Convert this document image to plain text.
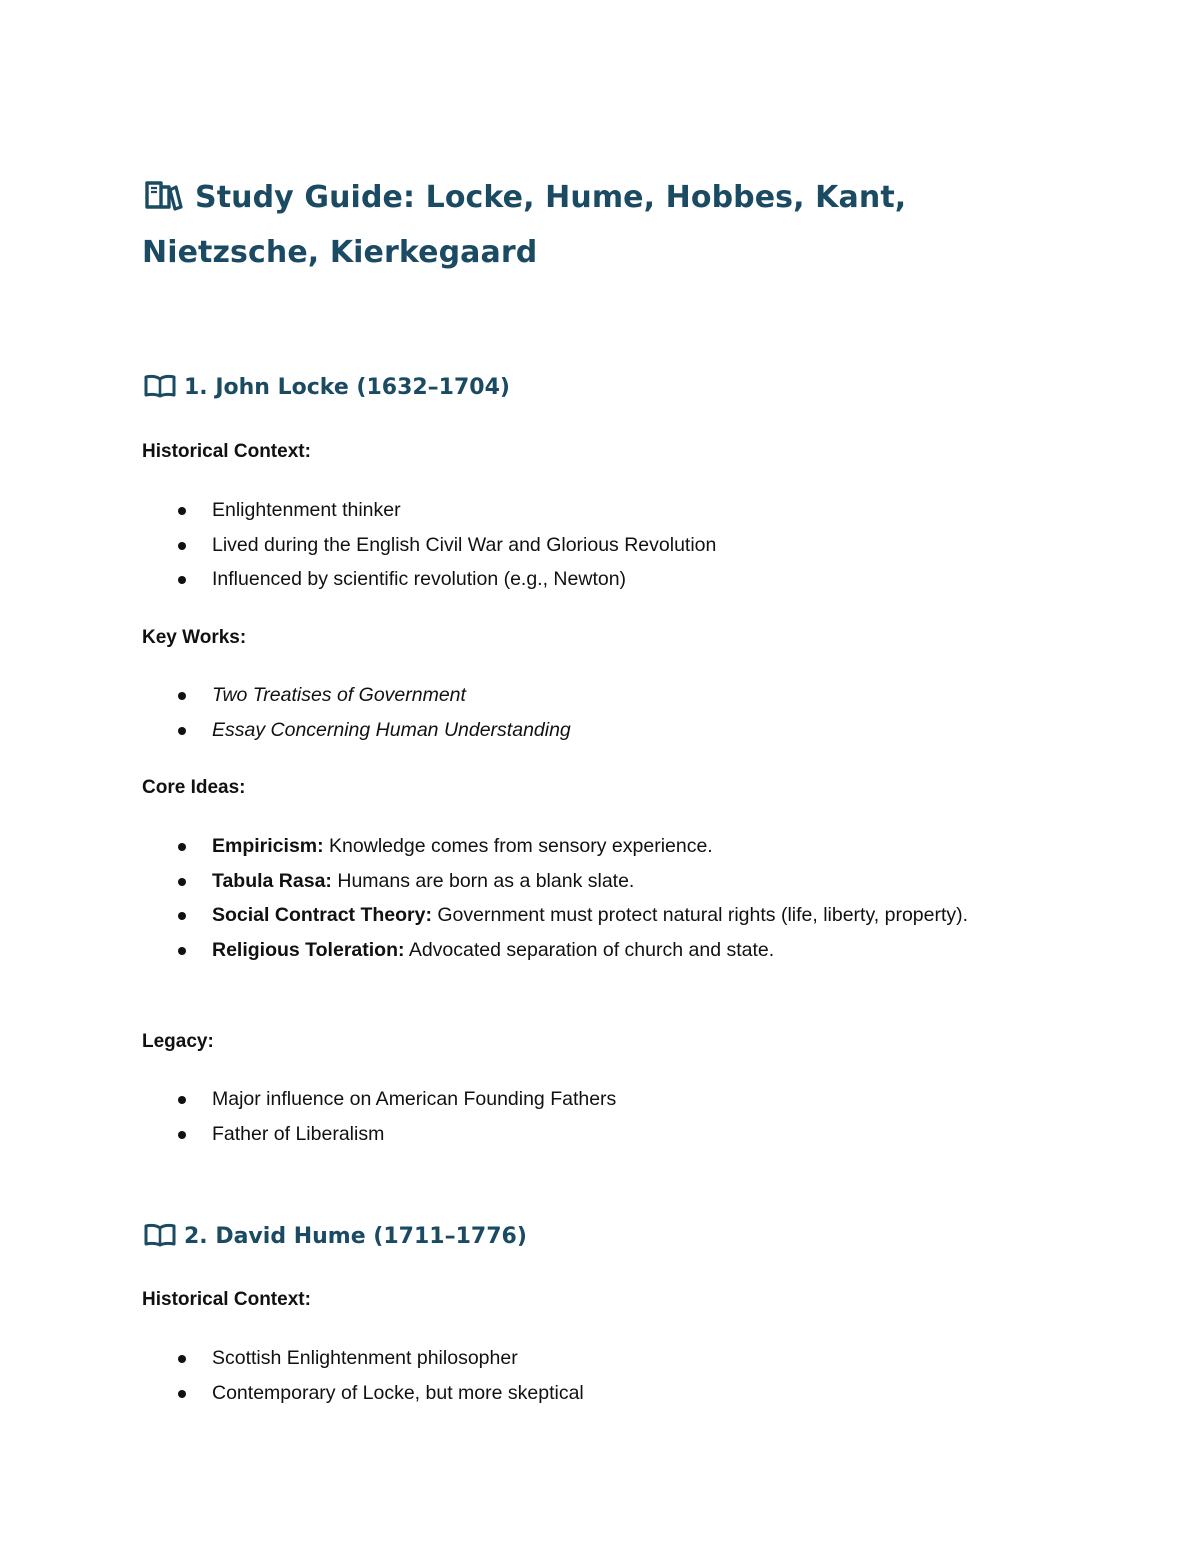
Study Guide: Locke, Hume, Hobbes, Kant, Nietzsche, Kierkegaard
1. John Locke (1632–1704)

Historical Context:

Enlightenment thinker
Lived during the English Civil War and Glorious Revolution
Influenced by scientific revolution (e.g., Newton)

Key Works:

Two Treatises of Government
Essay Concerning Human Understanding

Core Ideas:

Empiricism: Knowledge comes from sensory experience.
Tabula Rasa: Humans are born as a blank slate.
Social Contract Theory: Government must protect natural rights (life, liberty, property).
Religious Toleration: Advocated separation of church and state.

Legacy:

Major influence on American Founding Fathers
Father of Liberalism
2. David Hume (1711–1776)

Historical Context:

Scottish Enlightenment philosopher
Contemporary of Locke, but more skeptical
